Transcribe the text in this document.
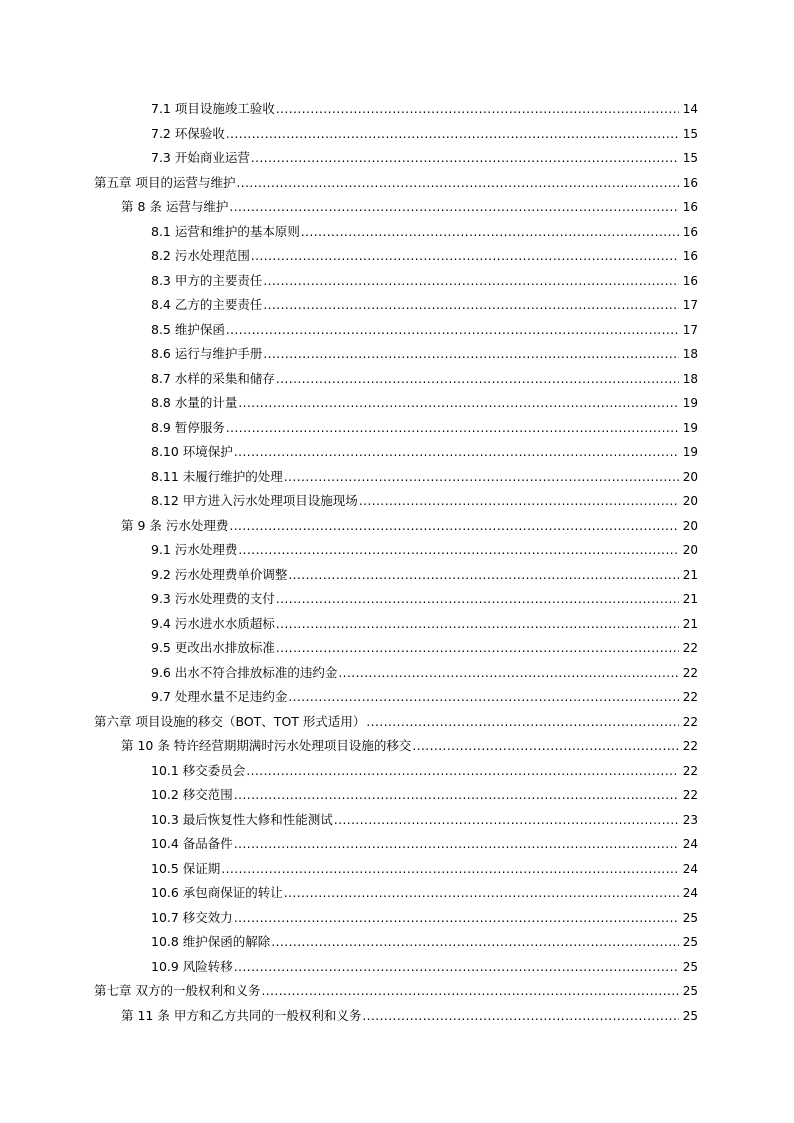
7.1 项目设施竣工验收 .....	14
7.2 环保验收 .....	15
7.3 开始商业运营 .....	15
第五章 项目的运营与维护 .....	16
第 8 条 运营与维护 .....	16
8.1 运营和维护的基本原则 .....	16
8.2 污水处理范围 .....	16
8.3 甲方的主要责任 .....	16
8.4 乙方的主要责任 .....	17
8.5 维护保函 .....	17
8.6 运行与维护手册 .....	18
8.7 水样的采集和储存 .....	18
8.8 水量的计量 .....	19
8.9 暂停服务 .....	19
8.10 环境保护 .....	19
8.11 未履行维护的处理 .....	20
8.12 甲方进入污水处理项目设施现场 .....	20
第 9 条 污水处理费 .....	20
9.1 污水处理费 .....	20
9.2 污水处理费单价调整 .....	21
9.3 污水处理费的支付 .....	21
9.4 污水进水水质超标 .....	21
9.5 更改出水排放标准 .....	22
9.6 出水不符合排放标准的违约金 .....	22
9.7 处理水量不足违约金 .....	22
第六章 项目设施的移交（BOT、TOT 形式适用） .....	22
第 10 条 特许经营期期满时污水处理项目设施的移交 .....	22
10.1 移交委员会 .....	22
10.2 移交范围 .....	22
10.3 最后恢复性大修和性能测试 .....	23
10.4 备品备件 .....	24
10.5 保证期 .....	24
10.6 承包商保证的转让 .....	24
10.7 移交效力 .....	25
10.8 维护保函的解除 .....	25
10.9 风险转移 .....	25
第七章 双方的一般权利和义务 .....	25
第 11 条 甲方和乙方共同的一般权利和义务 .....	25
